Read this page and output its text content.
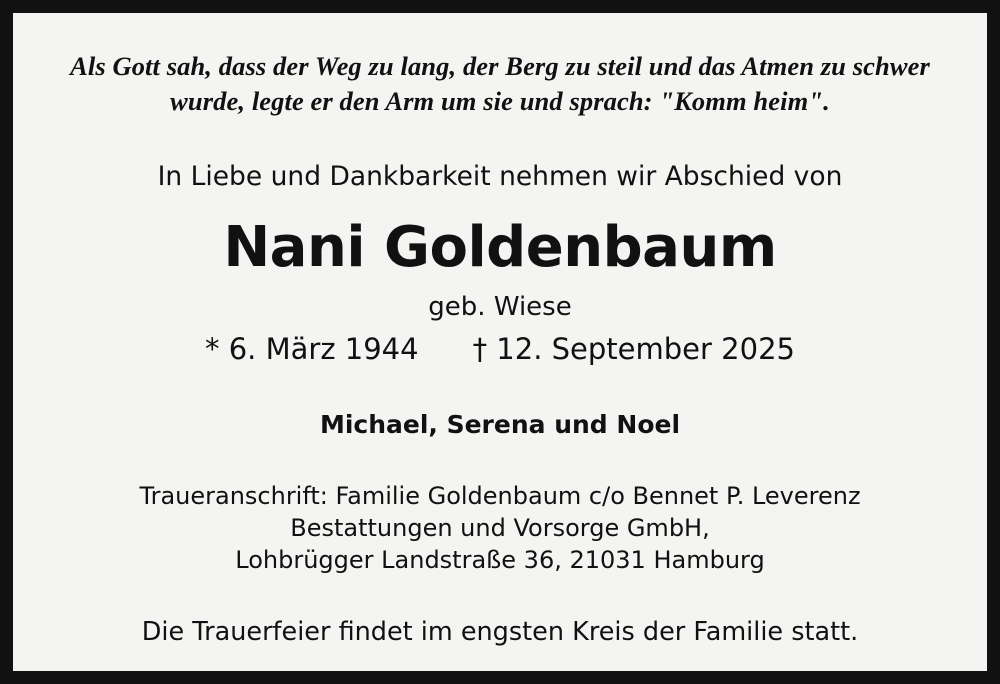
Als Gott sah, dass der Weg zu lang, der Berg zu steil und das Atmen zu schwer wurde, legte er den Arm um sie und sprach: "Komm heim".
In Liebe und Dankbarkeit nehmen wir Abschied von
Nani Goldenbaum
geb. Wiese
* 6. März 1944 † 12. September 2025
Michael, Serena und Noel
Traueranschrift: Familie Goldenbaum c/o Bennet P. Leverenz
Bestattungen und Vorsorge GmbH,
Lohbrügger Landstraße 36, 21031 Hamburg
Die Trauerfeier findet im engsten Kreis der Familie statt.
